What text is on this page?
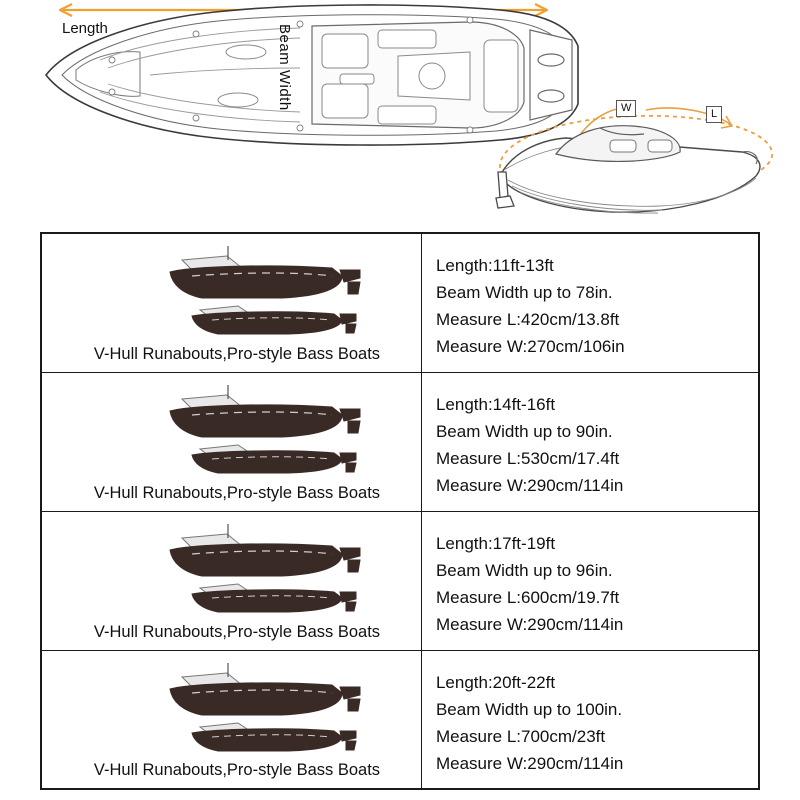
Length	Beam Width	W	L
V-Hull Runabouts,Pro-style Bass Boats	Length:11ft-13ft
Beam Width up to 78in.
Measure L:420cm/13.8ft
Measure W:270cm/106in

V-Hull Runabouts,Pro-style Bass Boats	Length:14ft-16ft
Beam Width up to 90in.
Measure L:530cm/17.4ft
Measure W:290cm/114in

V-Hull Runabouts,Pro-style Bass Boats	Length:17ft-19ft
Beam Width up to 96in.
Measure L:600cm/19.7ft
Measure W:290cm/114in

V-Hull Runabouts,Pro-style Bass Boats	Length:20ft-22ft
Beam Width up to 100in.
Measure L:700cm/23ft
Measure W:290cm/114in
